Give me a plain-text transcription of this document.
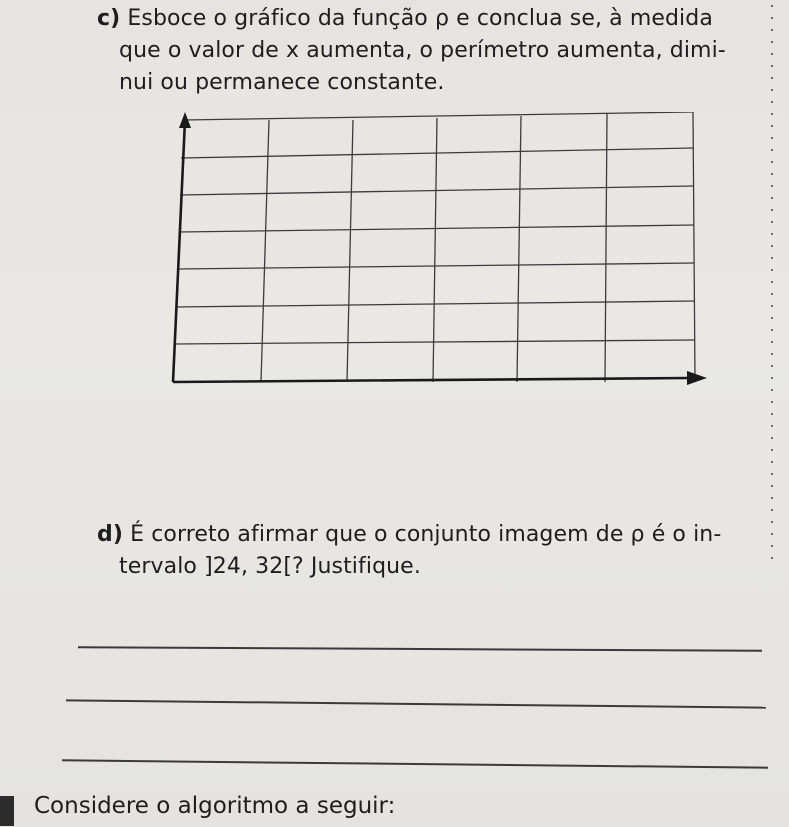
c) Esboce o gráfico da função ρ e conclua se, à medida
que o valor de x aumenta, o perímetro aumenta, dimi-
nui ou permanece constante.
d) É correto afirmar que o conjunto imagem de ρ é o in-
tervalo ]24, 32[? Justifique.
Considere o algoritmo a seguir:
